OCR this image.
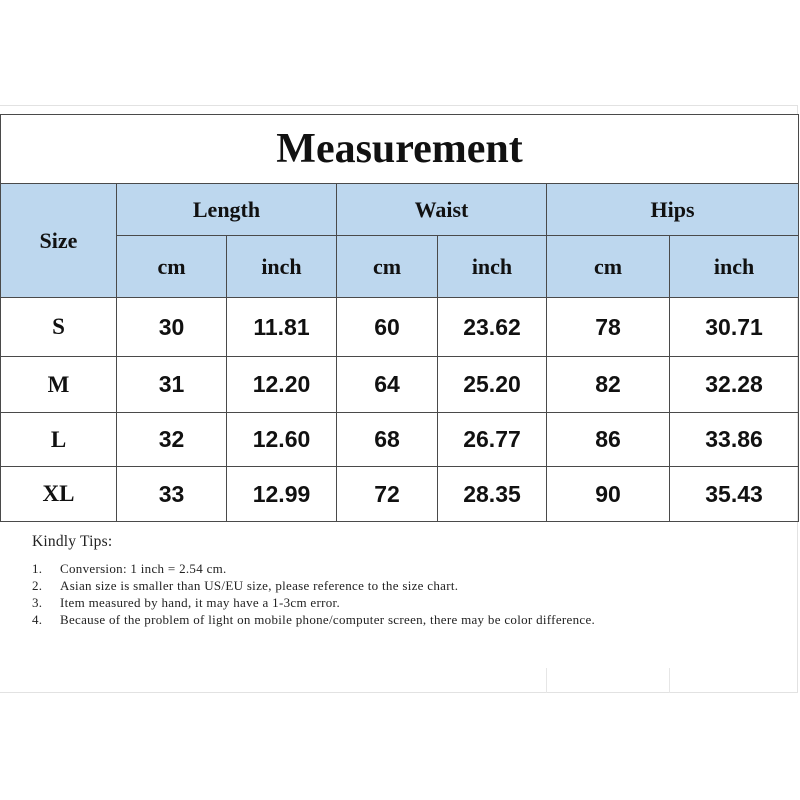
Measurement						
Size	Length		Waist		Hips	
	cm	inch	cm	inch	cm	inch
S	30	11.81	60	23.62	78	30.71
M	31	12.20	64	25.20	82	32.28
L	32	12.60	68	26.77	86	33.86
XL	33	12.99	72	28.35	90	35.43
Kindly Tips:
1.	Conversion: 1 inch = 2.54 cm.
2.	Asian size is smaller than US/EU size, please reference to the size chart.
3.	Item measured by hand, it may have a 1-3cm error.
4.	Because of the problem of light on mobile phone/computer screen, there may be color difference.
